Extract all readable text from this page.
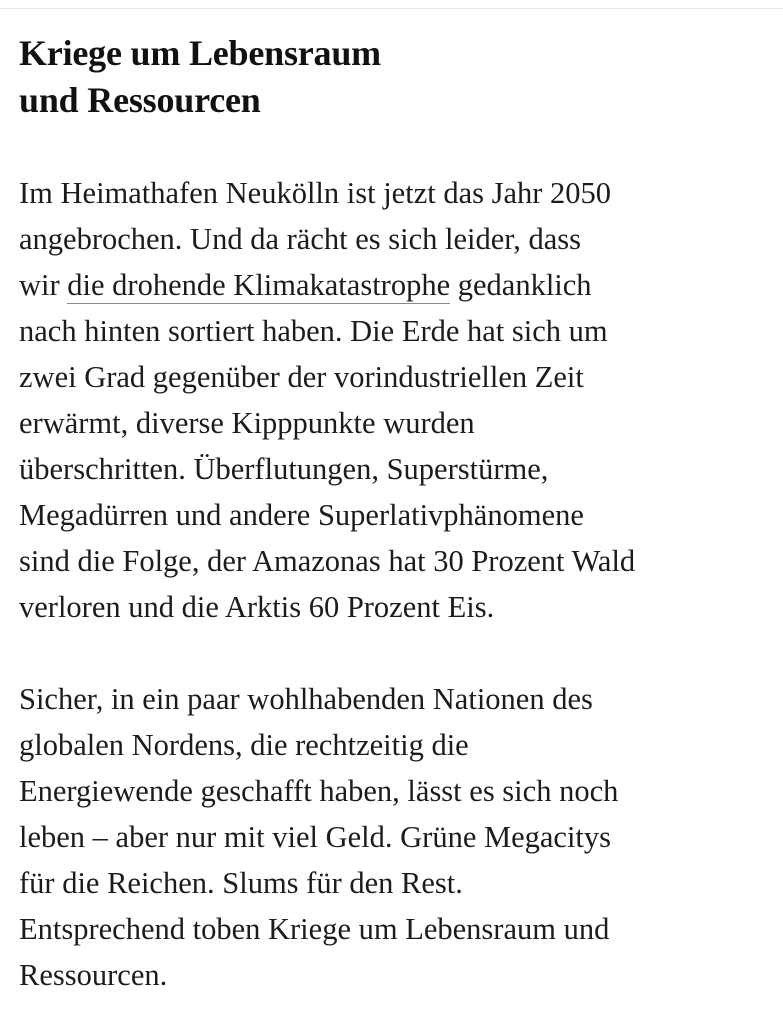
Kriege um Lebensraum
und Ressourcen

Im Heimathafen Neukölln ist jetzt das Jahr 2050
angebrochen. Und da rächt es sich leider, dass
wir die drohende Klimakatastrophe gedanklich
nach hinten sortiert haben. Die Erde hat sich um
zwei Grad gegenüber der vorindustriellen Zeit
erwärmt, diverse Kipppunkte wurden
überschritten. Überflutungen, Superstürme,
Megadürren und andere Superlativphänomene
sind die Folge, der Amazonas hat 30 Prozent Wald
verloren und die Arktis 60 Prozent Eis.

Sicher, in ein paar wohlhabenden Nationen des
globalen Nordens, die rechtzeitig die
Energiewende geschafft haben, lässt es sich noch
leben – aber nur mit viel Geld. Grüne Megacitys
für die Reichen. Slums für den Rest.
Entsprechend toben Kriege um Lebensraum und
Ressourcen.
